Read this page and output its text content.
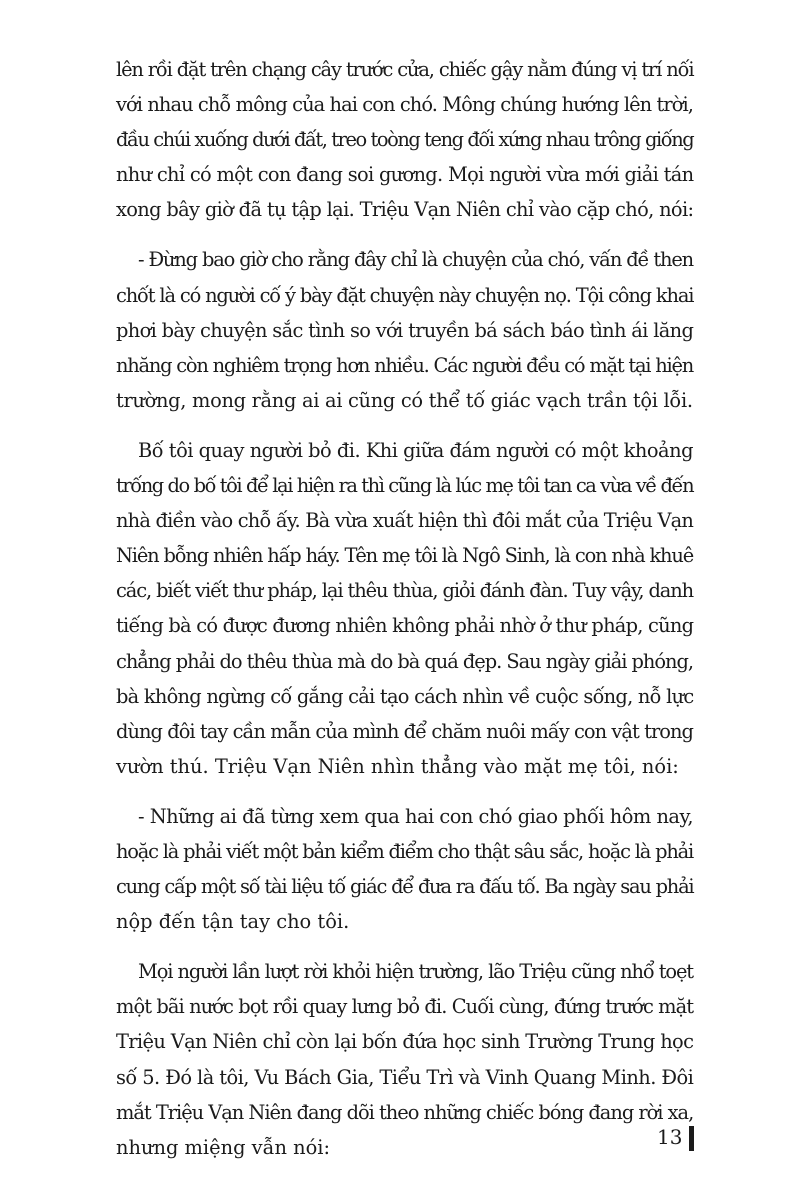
lên rồi đặt trên chạng cây trước cửa, chiếc gậy nằm đúng vị trí nối
với nhau chỗ mông của hai con chó. Mông chúng hướng lên trời,
đầu chúi xuống dưới đất, treo toòng teng đối xứng nhau trông giống
như chỉ có một con đang soi gương. Mọi người vừa mới giải tán
xong bây giờ đã tụ tập lại. Triệu Vạn Niên chỉ vào cặp chó, nói:
- Đừng bao giờ cho rằng đây chỉ là chuyện của chó, vấn đề then
chốt là có người cố ý bày đặt chuyện này chuyện nọ. Tội công khai
phơi bày chuyện sắc tình so với truyền bá sách báo tình ái lăng
nhăng còn nghiêm trọng hơn nhiều. Các người đều có mặt tại hiện
trường, mong rằng ai ai cũng có thể tố giác vạch trần tội lỗi.
Bố tôi quay người bỏ đi. Khi giữa đám người có một khoảng
trống do bố tôi để lại hiện ra thì cũng là lúc mẹ tôi tan ca vừa về đến
nhà điền vào chỗ ấy. Bà vừa xuất hiện thì đôi mắt của Triệu Vạn
Niên bỗng nhiên hấp háy. Tên mẹ tôi là Ngô Sinh, là con nhà khuê
các, biết viết thư pháp, lại thêu thùa, giỏi đánh đàn. Tuy vậy, danh
tiếng bà có được đương nhiên không phải nhờ ở thư pháp, cũng
chẳng phải do thêu thùa mà do bà quá đẹp. Sau ngày giải phóng,
bà không ngừng cố gắng cải tạo cách nhìn về cuộc sống, nỗ lực
dùng đôi tay cần mẫn của mình để chăm nuôi mấy con vật trong
vườn thú. Triệu Vạn Niên nhìn thẳng vào mặt mẹ tôi, nói:
- Những ai đã từng xem qua hai con chó giao phối hôm nay,
hoặc là phải viết một bản kiểm điểm cho thật sâu sắc, hoặc là phải
cung cấp một số tài liệu tố giác để đưa ra đấu tố. Ba ngày sau phải
nộp đến tận tay cho tôi.
Mọi người lần lượt rời khỏi hiện trường, lão Triệu cũng nhổ toẹt
một bãi nước bọt rồi quay lưng bỏ đi. Cuối cùng, đứng trước mặt
Triệu Vạn Niên chỉ còn lại bốn đứa học sinh Trường Trung học
số 5. Đó là tôi, Vu Bách Gia, Tiểu Trì và Vinh Quang Minh. Đôi
mắt Triệu Vạn Niên đang dõi theo những chiếc bóng đang rời xa,
nhưng miệng vẫn nói:	13
